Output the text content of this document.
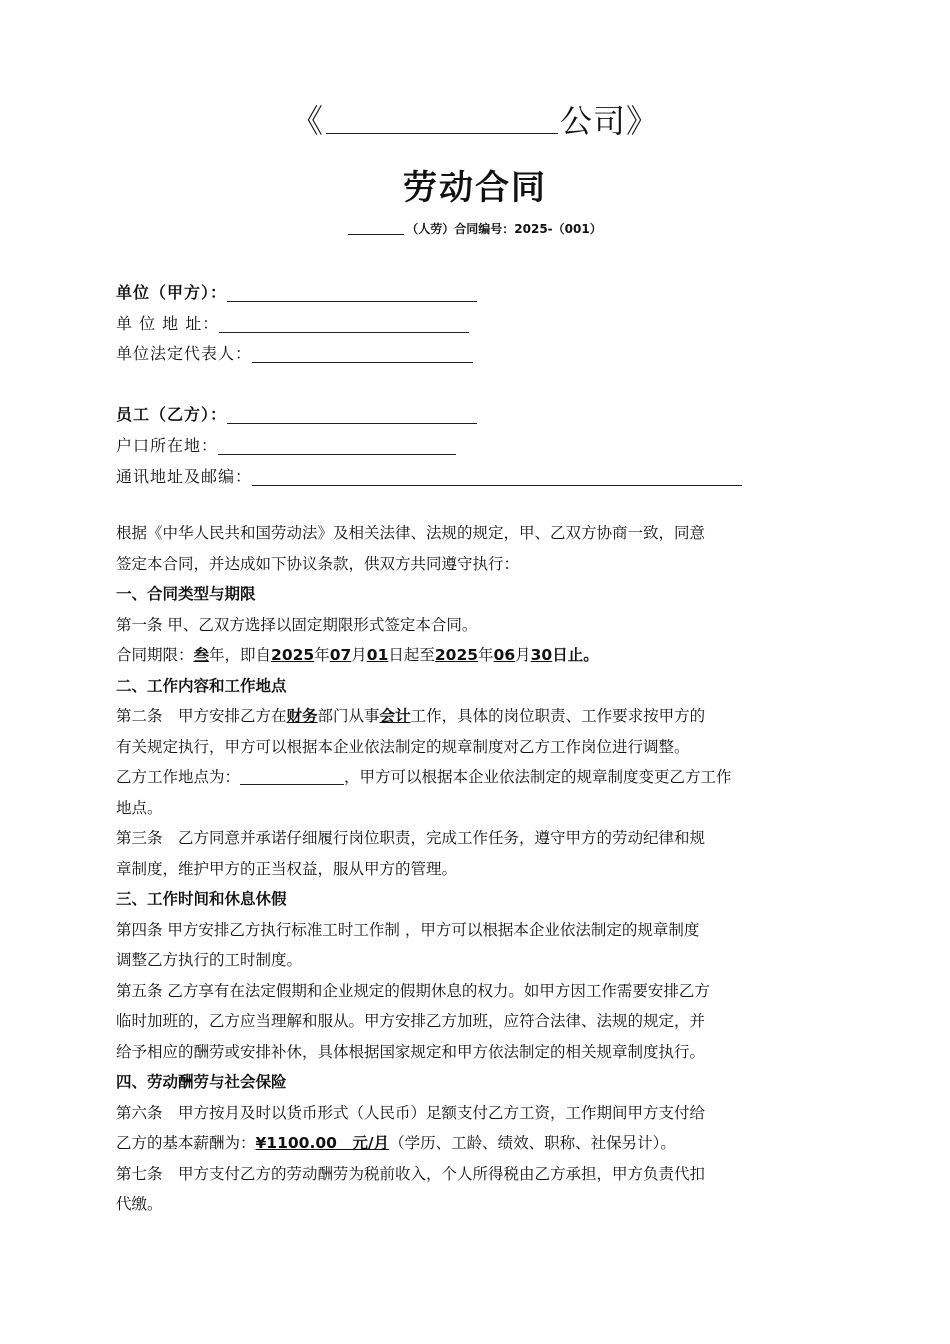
《	公司》
劳动合同
（人劳）合同编号：2025-（001）
单位（甲方）：
单 位 地 址：
单位法定代表人：
员工（乙方）：
户口所在地：
通讯地址及邮编：

根据《中华人民共和国劳动法》及相关法律、法规的规定，甲、乙双方协商一致，同意

签定本合同，并达成如下协议条款，供双方共同遵守执行：

一、合同类型与期限

第一条 甲、乙双方选择以固定期限形式签定本合同。

合同期限：叁年，即自2025年07月01日起至2025年06月30日止。

二、工作内容和工作地点

第二条　甲方安排乙方在财务部门从事会计工作，具体的岗位职责、工作要求按甲方的

有关规定执行，甲方可以根据本企业依法制定的规章制度对乙方工作岗位进行调整。

乙方工作地点为：	，甲方可以根据本企业依法制定的规章制度变更乙方工作

地点。

第三条　乙方同意并承诺仔细履行岗位职责，完成工作任务，遵守甲方的劳动纪律和规

章制度，维护甲方的正当权益，服从甲方的管理。

三、工作时间和休息休假

第四条 甲方安排乙方执行标准工时工作制 ，甲方可以根据本企业依法制定的规章制度

调整乙方执行的工时制度。

第五条 乙方享有在法定假期和企业规定的假期休息的权力。如甲方因工作需要安排乙方

临时加班的，乙方应当理解和服从。甲方安排乙方加班，应符合法律、法规的规定，并

给予相应的酬劳或安排补休，具体根据国家规定和甲方依法制定的相关规章制度执行。

四、劳动酬劳与社会保险

第六条　甲方按月及时以货币形式（人民币）足额支付乙方工资，工作期间甲方支付给

乙方的基本薪酬为：¥1100.00　元/月（学历、工龄、绩效、职称、社保另计）。

第七条　甲方支付乙方的劳动酬劳为税前收入，个人所得税由乙方承担，甲方负责代扣

代缴。
